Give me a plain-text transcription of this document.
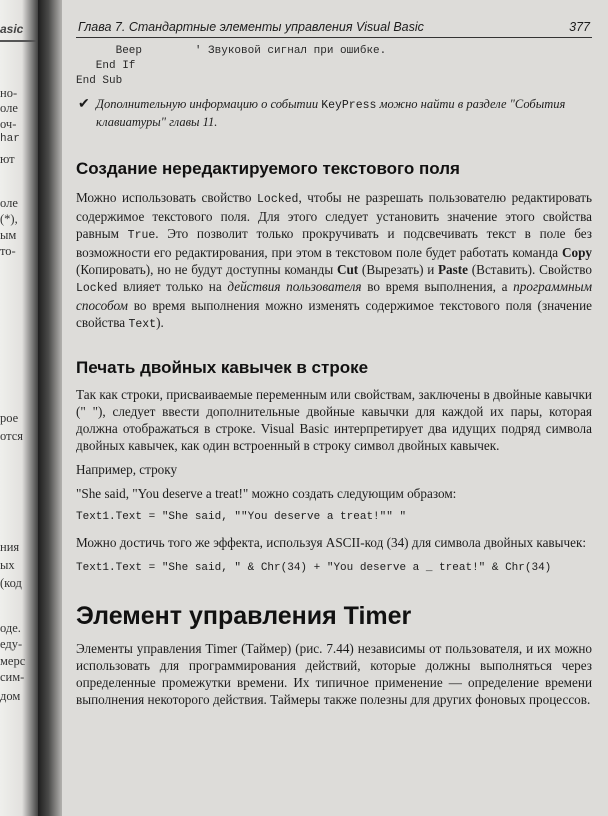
asic
но-
оле
оч-
har
ют
оле
(*),
ым
то-
рое
отся
ния
ых
(код
оде.
еду-
мерс
сим-
дом
Глава 7. Стандартные элементы управления Visual Basic	377
Beep        ' Звуковой сигнал при ошибке.
End If
End Sub
✔ Дополнительную информацию о событии KeyPress можно найти в разделе "События клавиатуры" главы 11.
Создание нередактируемого текстового поля

Можно использовать свойство Locked, чтобы не разрешать пользователю редактировать содержимое текстового поля. Для этого следует установить значение этого свойства равным True. Это позволит только прокручивать и подсвечивать текст в поле без возможности его редактирования, при этом в текстовом поле будет работать команда Copy (Копировать), но не будут доступны команды Cut (Вырезать) и Paste (Вставить). Свойство Locked влияет только на действия пользователя во время выполнения, а программным способом во время выполнения можно изменять содержимое текстового поля (значение свойства Text).

Печать двойных кавычек в строке

Так как строки, присваиваемые переменным или свойствам, заключены в двойные кавычки (" "), следует ввести дополнительные двойные кавычки для каждой их пары, которая должна отображаться в строке. Visual Basic интерпретирует два идущих подряд символа двойных кавычек, как один встроенный в строку символ двойных кавычек.

Например, строку

"She said, "You deserve a treat!" можно создать следующим образом:

Text1.Text = "She said, ""You deserve a treat!"" "

Можно достичь того же эффекта, используя ASCII-код (34) для символа двойных кавычек:

Text1.Text = "She said, " & Chr(34) + "You deserve a _ treat!" & Chr(34)
Элемент управления Timer

Элементы управления Timer (Таймер) (рис. 7.44) независимы от пользователя, и их можно использовать для программирования действий, которые должны выполняться через определенные промежутки времени. Их типичное применение — определение времени выполнения некоторого действия. Таймеры также полезны для других фоновых процессов.
